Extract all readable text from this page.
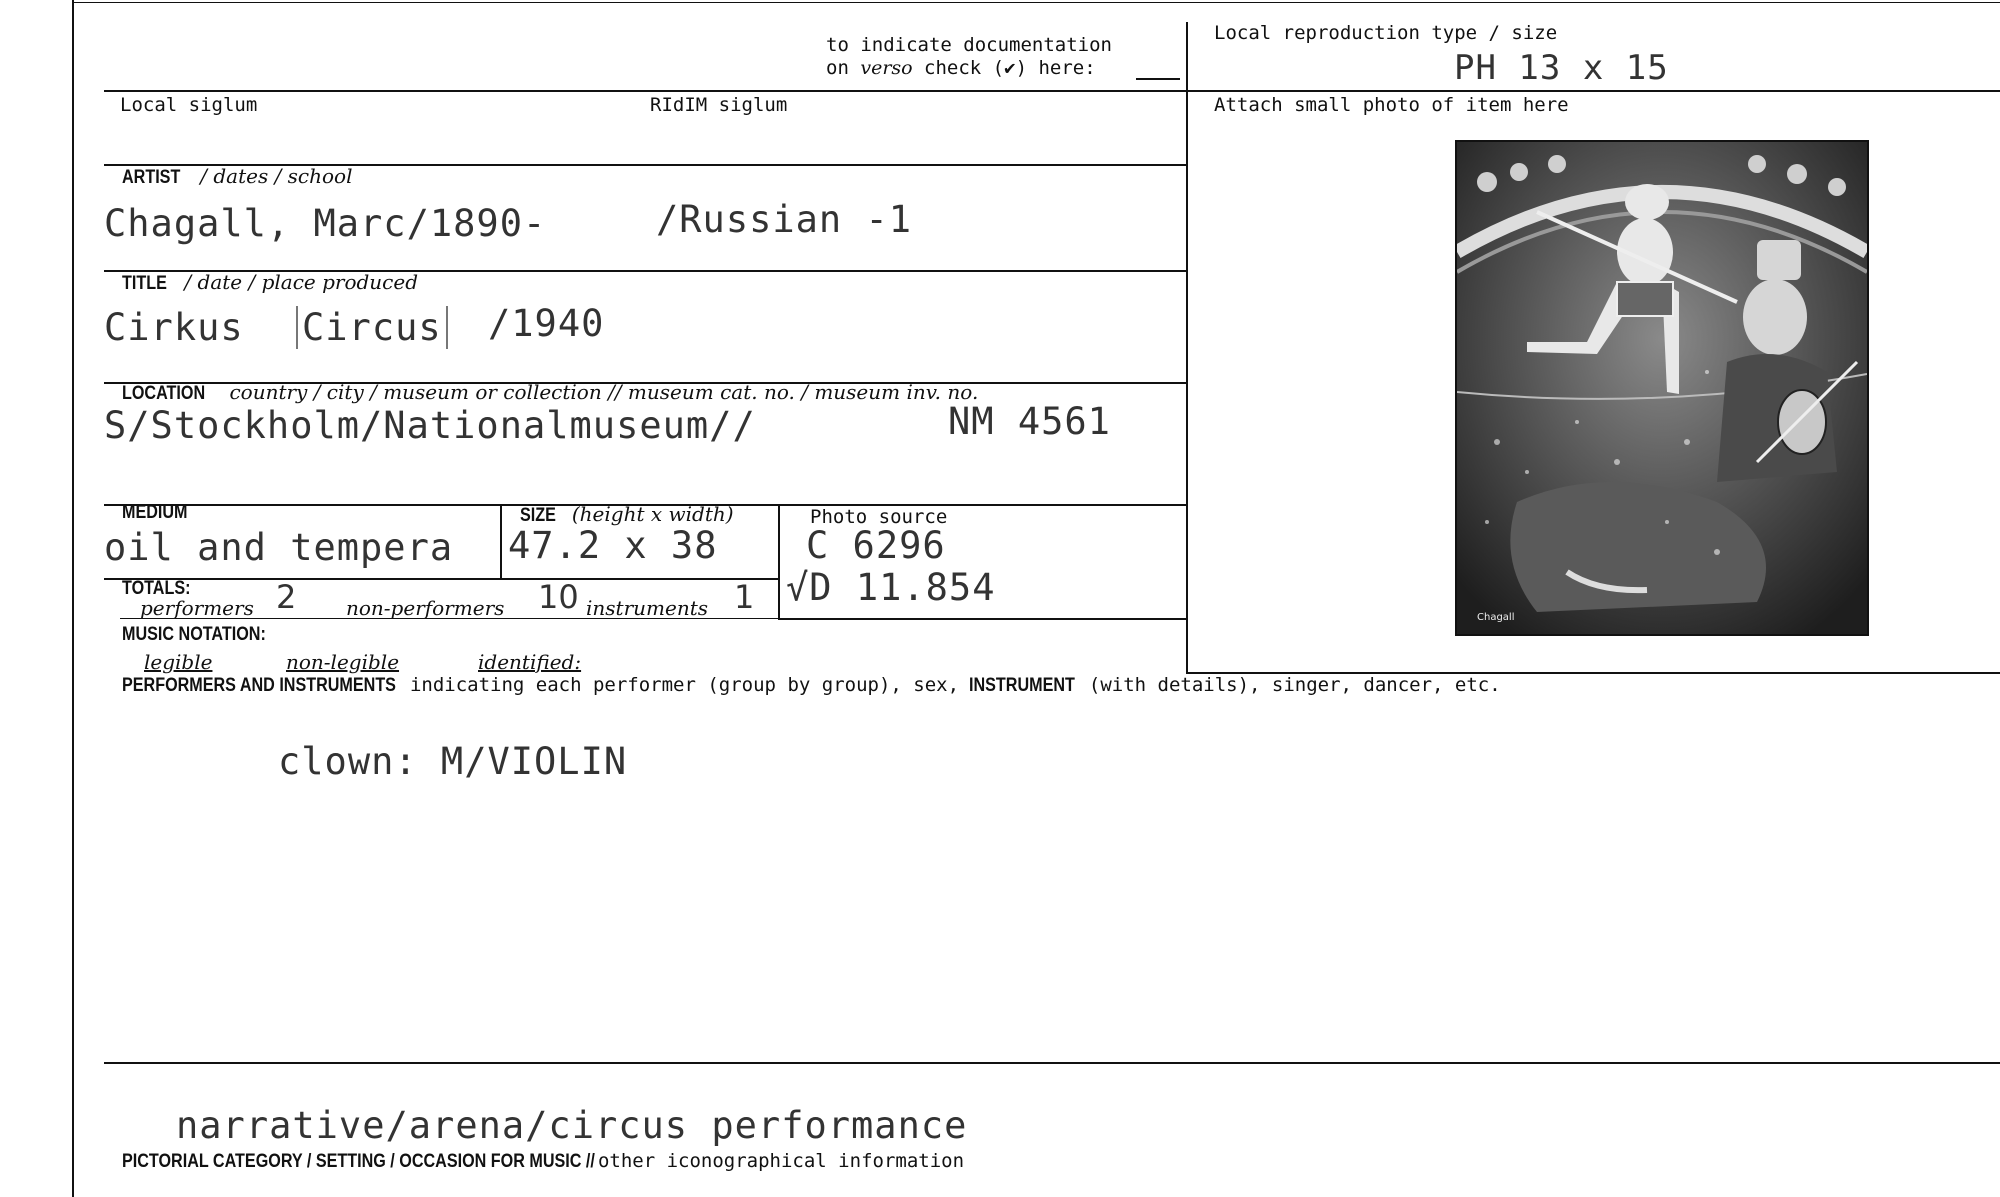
to indicate documentation
on verso check (✔) here:
Local reproduction type / size
PH 13 x 15
Local siglum	RIdIM siglum	Attach small photo of item here
ARTIST / dates / school
Chagall, Marc/1890-	/Russian -1
TITLE / date / place produced
Cirkus Circus /1940
LOCATION country / city / museum or collection // museum cat. no. / museum inv. no.
S/Stockholm/Nationalmuseum//	NM 4561
MEDIUM
oil and tempera
SIZE (height x width)
47.2 x 38
Photo source
C 6296
√D 11.854
TOTALS:
performers 2 non-performers 10 instruments 1
MUSIC NOTATION:
legible	non-legible	identified:
PERFORMERS AND INSTRUMENTS indicating each performer (group by group), sex, INSTRUMENT (with details), singer, dancer, etc.
clown: M/VIOLIN
narrative/arena/circus performance
PICTORIAL CATEGORY / SETTING / OCCASION FOR MUSIC // other iconographical information
Chagall
